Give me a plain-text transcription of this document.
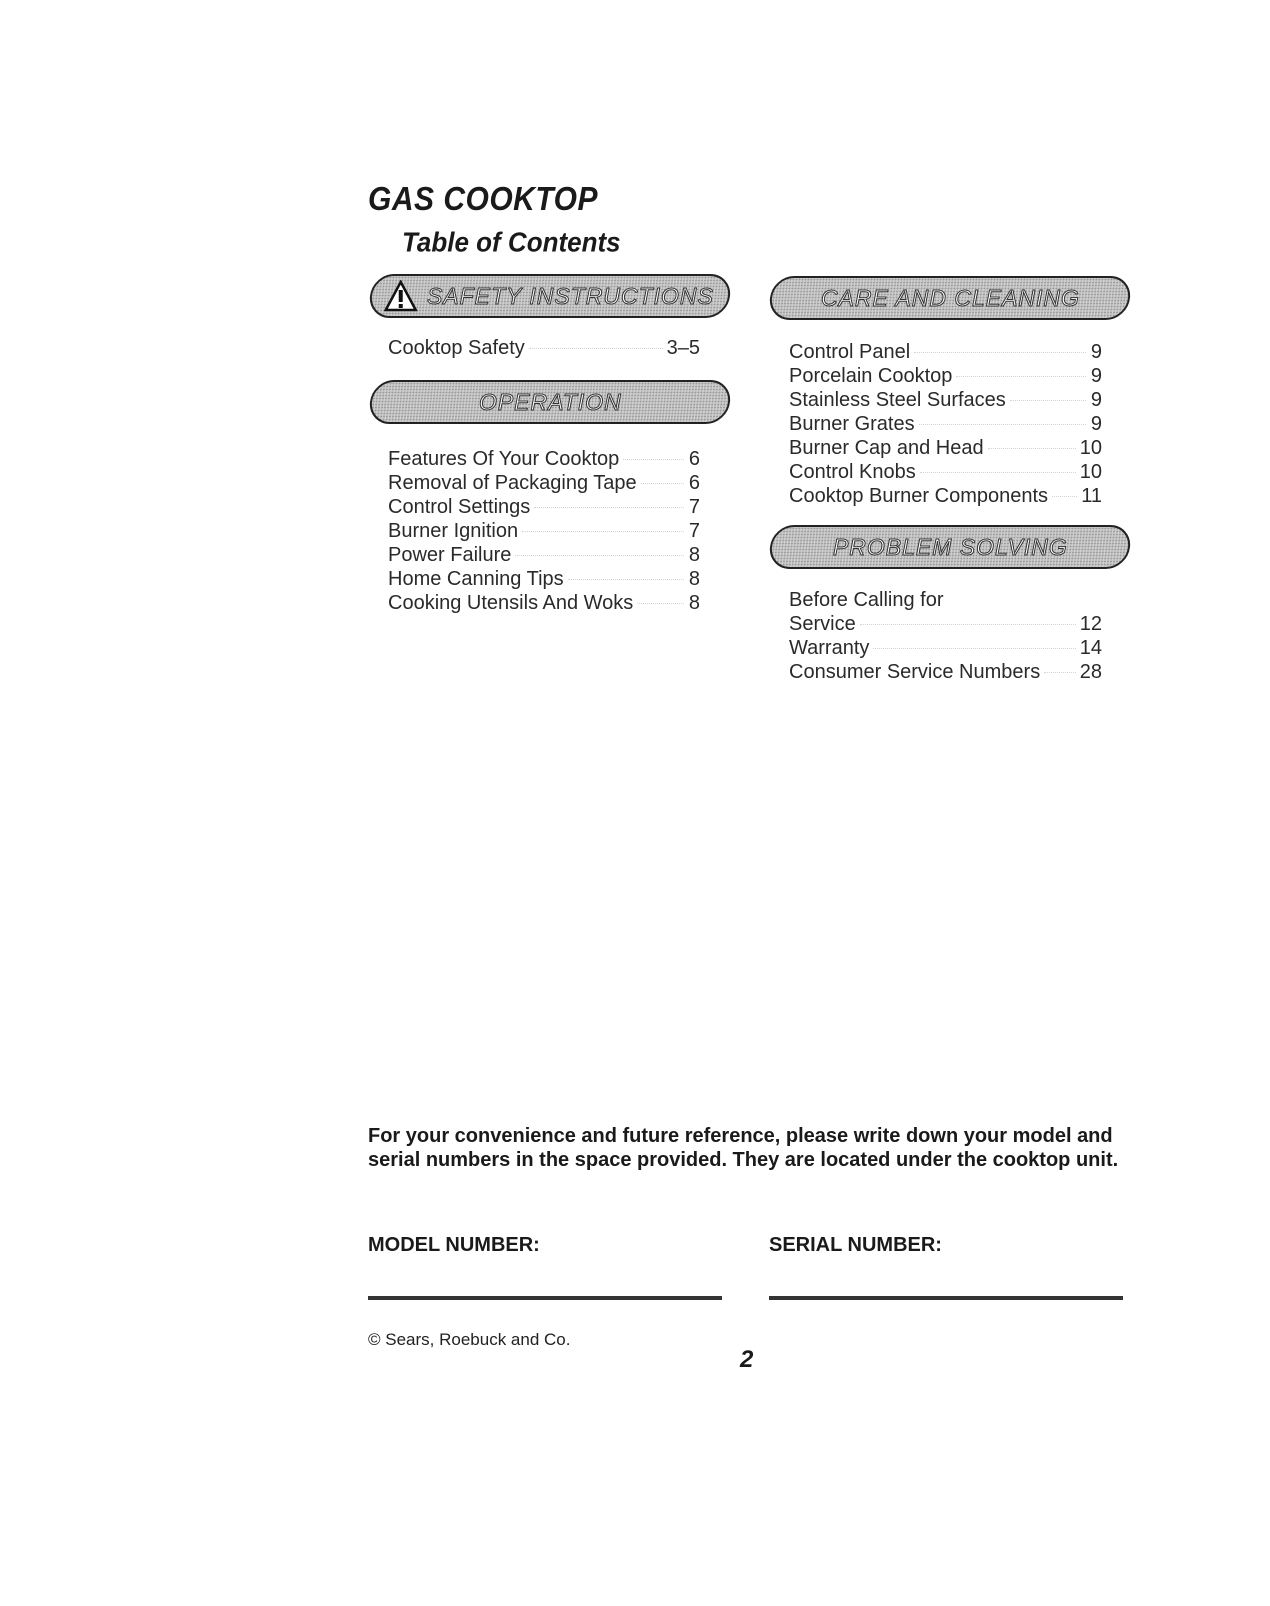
GAS COOKTOP
Table of Contents
SAFETY INSTRUCTIONS
Cooktop Safety	3–5
OPERATION
Features Of Your Cooktop	6
Removal of Packaging Tape	6
Control Settings	7
Burner Ignition	7
Power Failure	8
Home Canning Tips	8
Cooking Utensils And Woks	8
CARE AND CLEANING
Control Panel	9
Porcelain Cooktop	9
Stainless Steel Surfaces	9
Burner Grates	9
Burner Cap and Head	10
Control Knobs	10
Cooktop Burner Components 11
PROBLEM SOLVING
Before Calling for
Service	12
Warranty	14
Consumer Service Numbers 28

For your convenience and future reference, please write down your model and serial numbers in the space provided. They are located under the cooktop unit.

MODEL NUMBER:	SERIAL NUMBER:
© Sears, Roebuck and Co.
2
